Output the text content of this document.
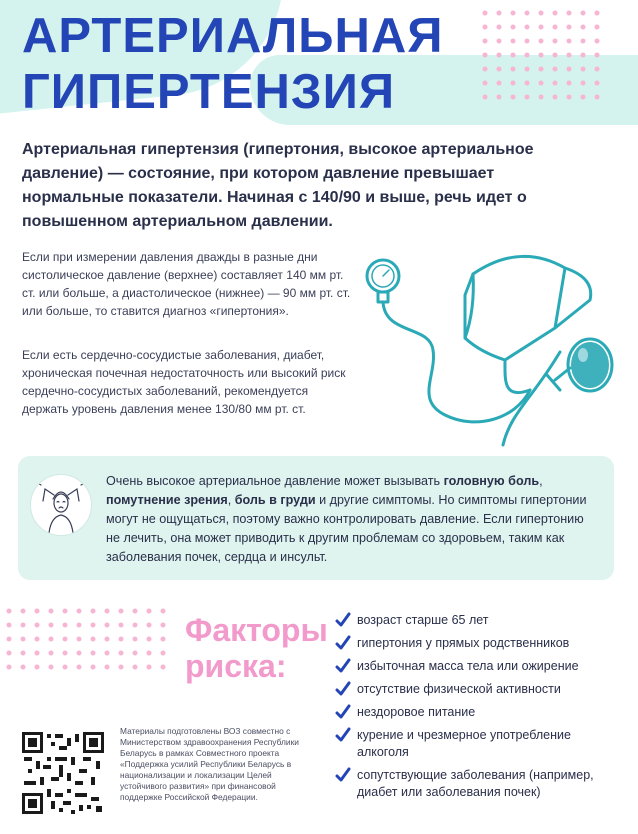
АРТЕРИАЛЬНАЯ
ГИПЕРТЕНЗИЯ

Артериальная гипертензия (гипертония, высокое артериальное давление) — состояние, при котором давление превышает нормальные показатели. Начиная с 140/90 и выше, речь идет о повышенном артериальном давлении.

Если при измерении давления дважды в разные дни систолическое давление (верхнее) составляет 140 мм рт. ст. или больше, а диастолическое (нижнее) — 90 мм рт. ст. или больше, то ставится диагноз «гипертония».

Если есть сердечно-сосудистые заболевания, диабет, хроническая почечная недостаточность или высокий риск сердечно-сосудистых заболеваний, рекомендуется держать уровень давления менее 130/80 мм рт. ст.

Очень высокое артериальное давление может вызывать головную боль, помутнение зрения, боль в груди и другие симптомы. Но симптомы гипертонии могут не ощущаться, поэтому важно контролировать давление. Если гипертонию не лечить, она может приводить к другим проблемам со здоровьем, таким как заболевания почек, сердца и инсульт.

Факторы
риска:
возраст старше 65 лет
гипертония у прямых родственников
избыточная масса тела или ожирение
отсутствие физической активности
нездоровое питание
курение и чрезмерное употребление алкоголя
сопутствующие заболевания (например, диабет или заболевания почек)

Материалы подготовлены ВОЗ совместно с Министерством здравоохранения Республики Беларусь в рамках Совместного проекта «Поддержка усилий Республики Беларусь в национализации и локализации Целей устойчивого развития» при финансовой поддержке Российской Федерации.
